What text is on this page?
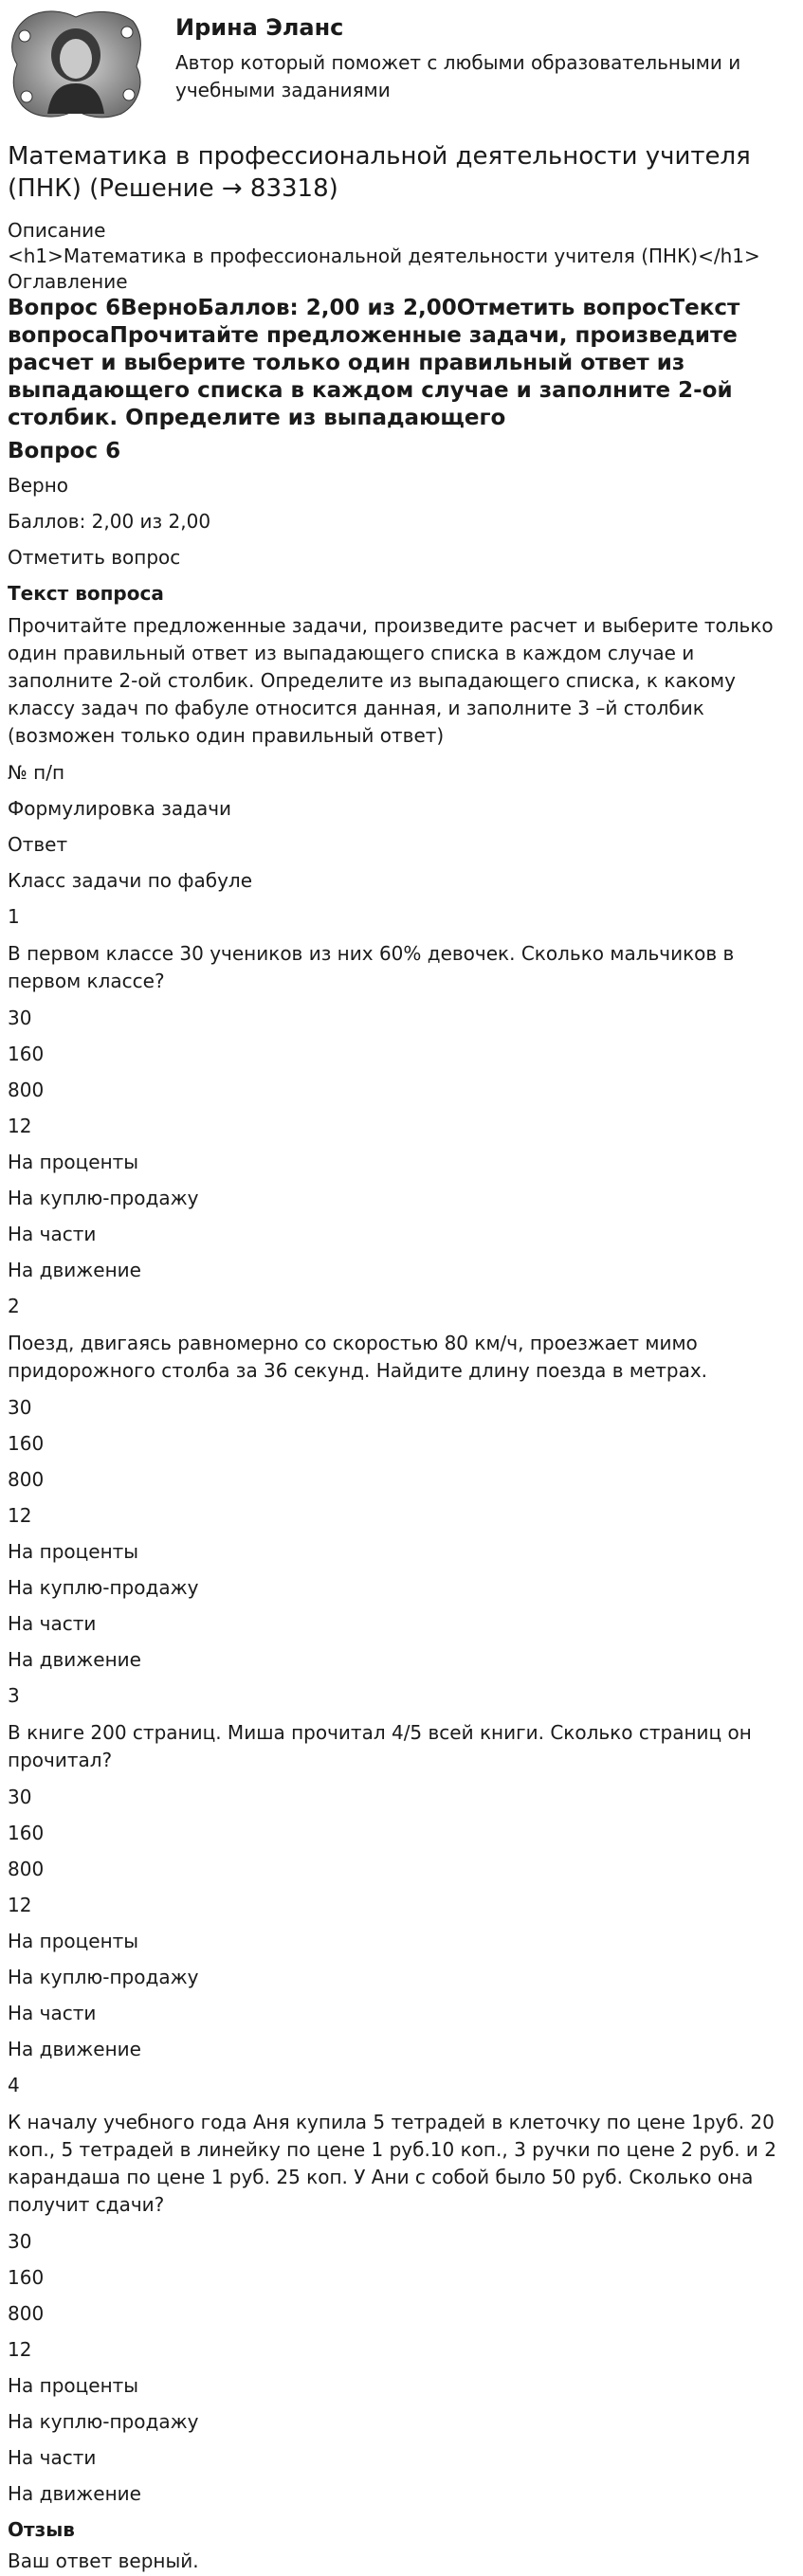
Ирина Эланс
Автор который поможет с любыми образовательными и учебными заданиями
Математика в профессиональной деятельности учителя (ПНК) (Решение → 83318)
Описание
<h1>Математика в профессиональной деятельности учителя (ПНК)</h1>
Оглавление
Вопрос 6ВерноБаллов: 2,00 из 2,00Отметить вопросТекст вопросаПрочитайте предложенные задачи, произведите расчет и выберите только один правильный ответ из выпадающего списка в каждом случае и заполните 2-ой столбик. Определите из выпадающего
Вопрос 6
Верно
Баллов: 2,00 из 2,00
Отметить вопрос
Текст вопроса
Прочитайте предложенные задачи, произведите расчет и выберите только один правильный ответ из выпадающего списка в каждом случае и заполните 2-ой столбик. Определите из выпадающего списка, к какому классу задач по фабуле относится данная, и заполните 3 –й столбик (возможен только один правильный ответ)
№ п/п
Формулировка задачи
Ответ
Класс задачи по фабуле
1
В первом классе 30 учеников из них 60% девочек. Сколько мальчиков в первом классе?
30
160
800
12
На проценты
На куплю-продажу
На части
На движение
2
Поезд, двигаясь равномерно со скоростью 80 км/ч, проезжает мимо придорожного столба за 36 секунд. Найдите длину поезда в метрах.
30
160
800
12
На проценты
На куплю-продажу
На части
На движение
3
В книге 200 страниц. Миша прочитал 4/5 всей книги. Сколько страниц он прочитал?
30
160
800
12
На проценты
На куплю-продажу
На части
На движение
4
К началу учебного года Аня купила 5 тетрадей в клеточку по цене 1руб. 20 коп., 5 тетрадей в линейку по цене 1 руб.10 коп., 3 ручки по цене 2 руб. и 2 карандаша по цене 1 руб. 25 коп. У Ани с собой было 50 руб. Сколько она получит сдачи?
30
160
800
12
На проценты
На куплю-продажу
На части
На движение
Отзыв
Ваш ответ верный.
